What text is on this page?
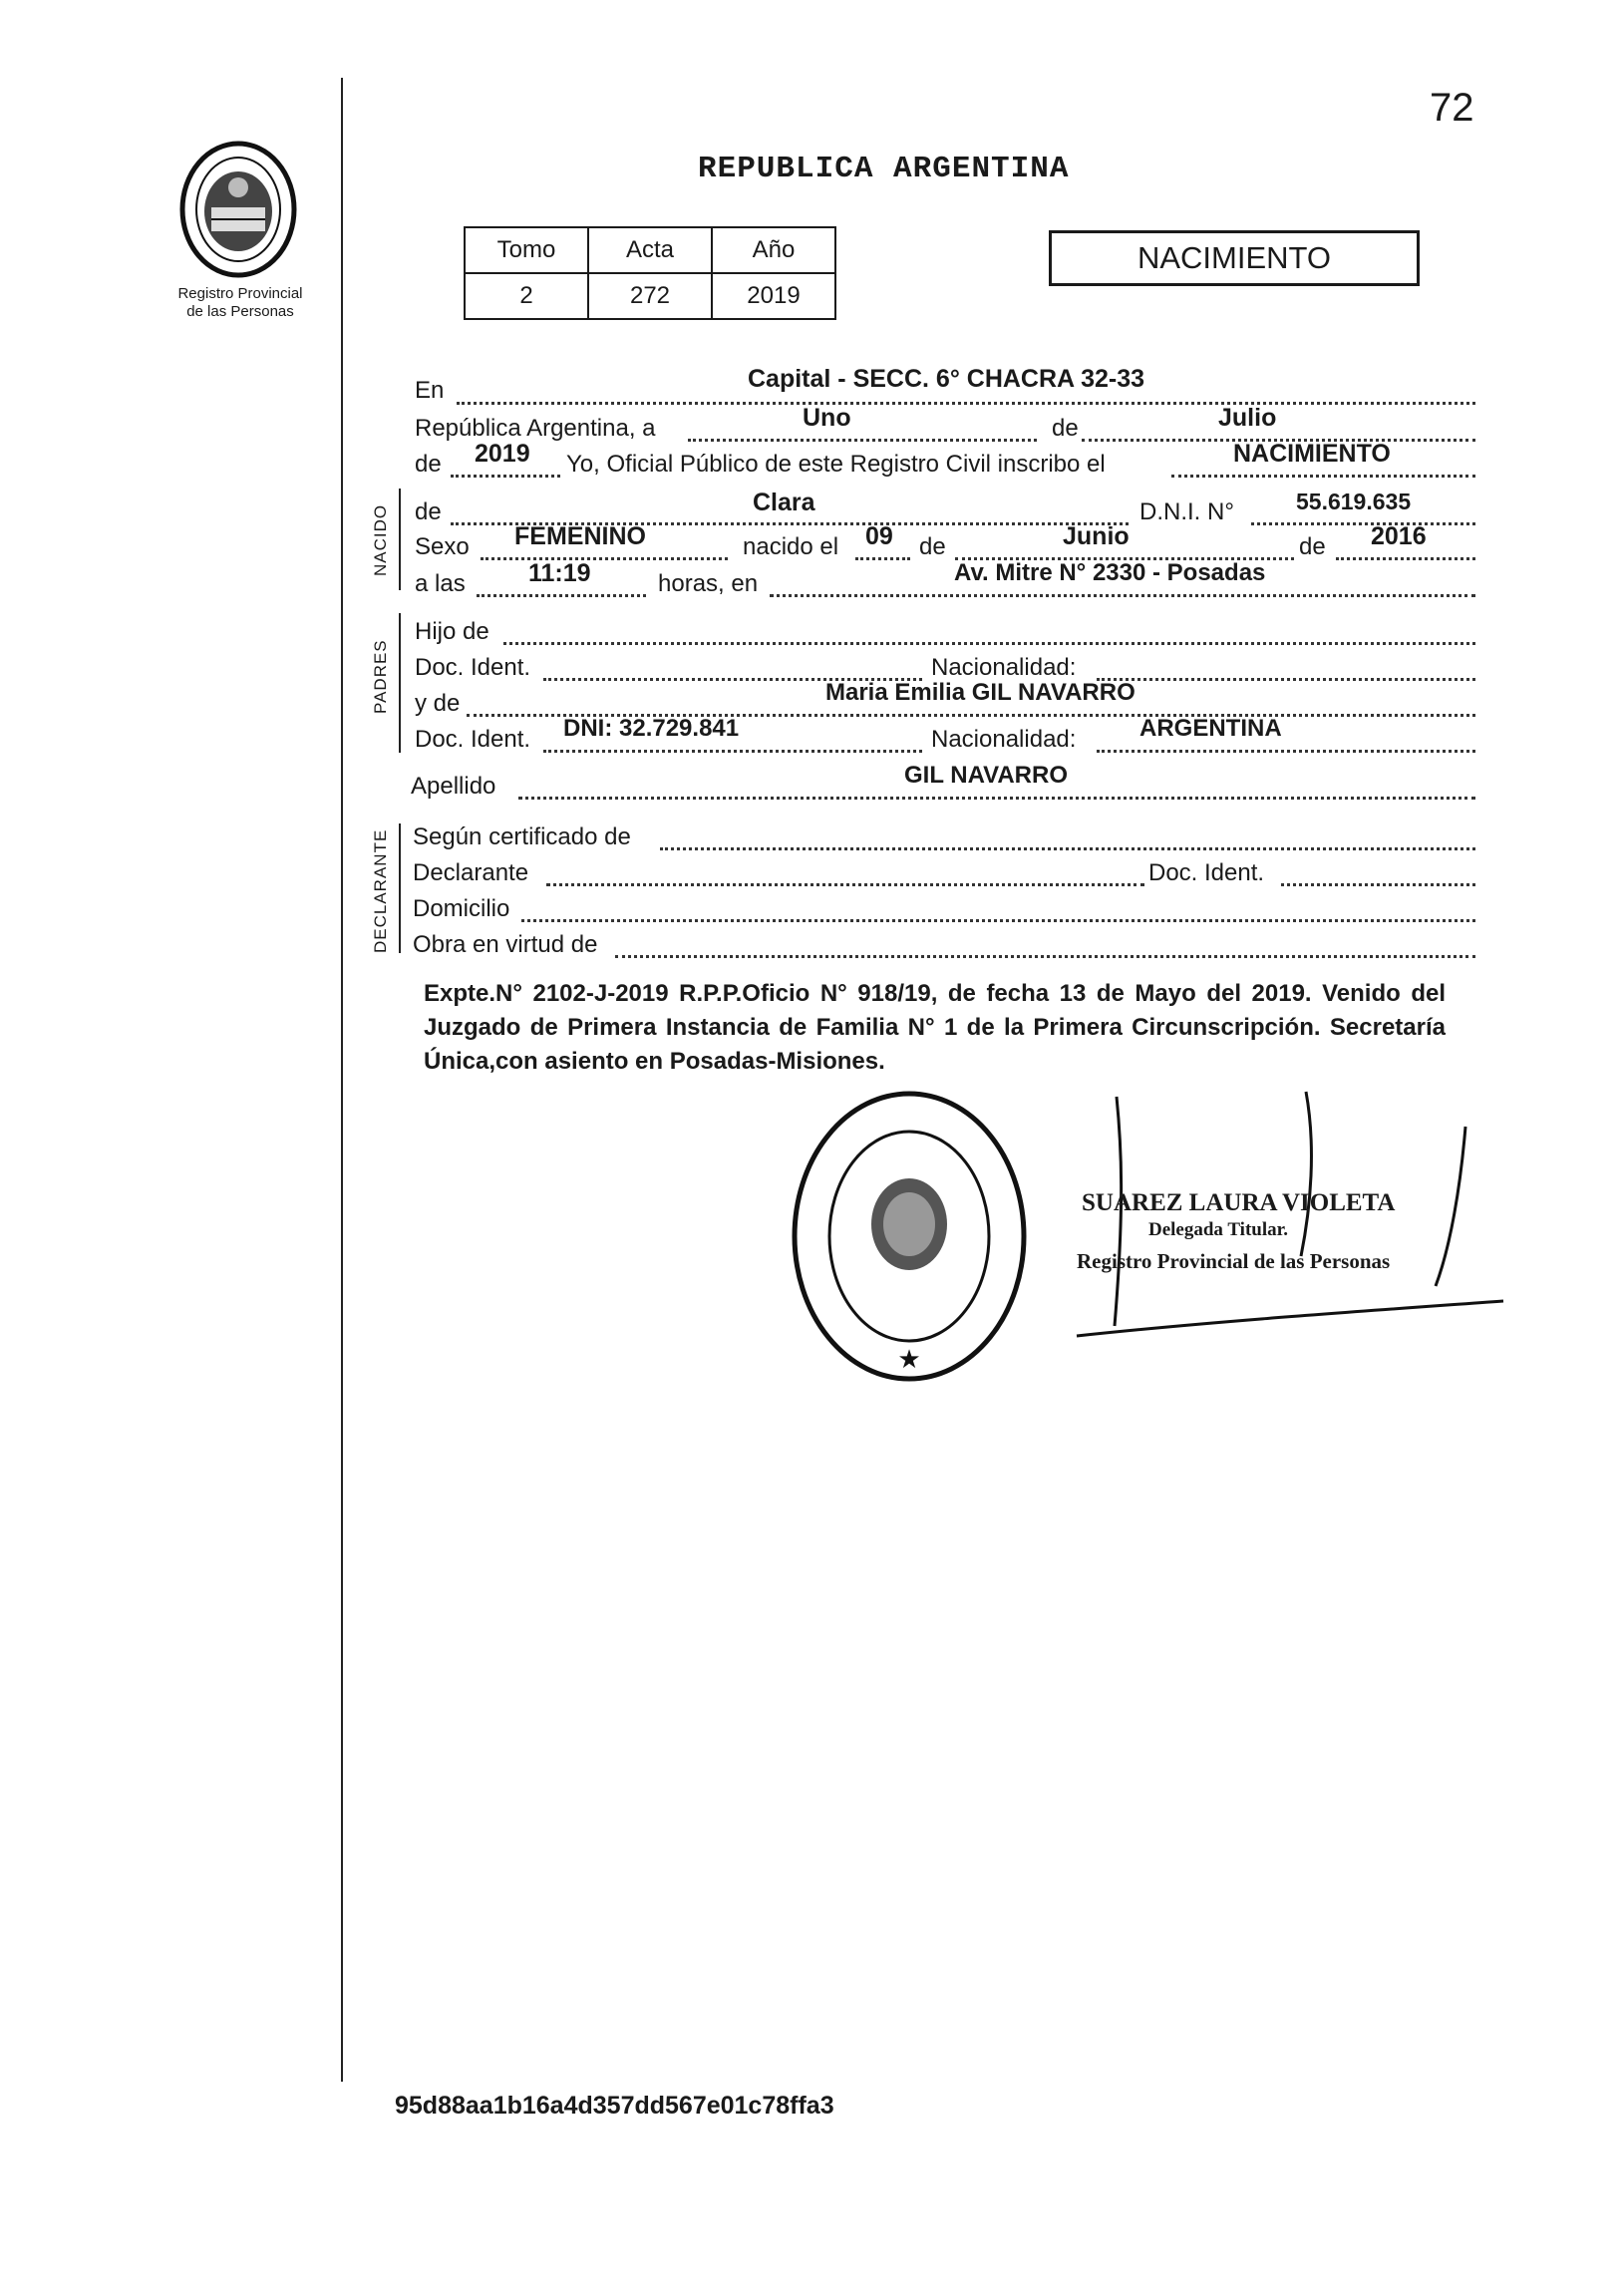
Registro Provincial
de las Personas
72
REPUBLICA ARGENTINA
Tomo	Acta	Año
2	272	2019
NACIMIENTO
En	Capital - SECC. 6° CHACRA 32-33
República Argentina, a	Uno	de	Julio
de 2019 Yo, Oficial Público de este Registro Civil inscribo el	NACIMIENTO
NACIDO de	Clara	D.N.I. N°	55.619.635
Sexo FEMENINO	nacido el 09 de	Junio	de 2016
a las	11:19	horas, en	Av. Mitre N° 2330 - Posadas
PADRES
Hijo de
Doc. Ident.	Nacionalidad:
y de	Maria Emilia GIL NAVARRO
Doc. Ident. DNI: 32.729.841	Nacionalidad:	ARGENTINA
Apellido	GIL NAVARRO
DECLARANTE Según certificado de
Declarante	Doc. Ident.
Domicilio
Obra en virtud de
Expte.N° 2102-J-2019 R.P.P.Oficio N° 918/19, de fecha 13 de Mayo del 2019. Venido del Juzgado de Primera Instancia de Familia N° 1 de la Primera Circunscripción. Secretaría Única,con asiento en Posadas-Misiones.
★
SUAREZ LAURA VIOLETA
Delegada Titular.
Registro Provincial de las Personas
95d88aa1b16a4d357dd567e01c78ffa3
